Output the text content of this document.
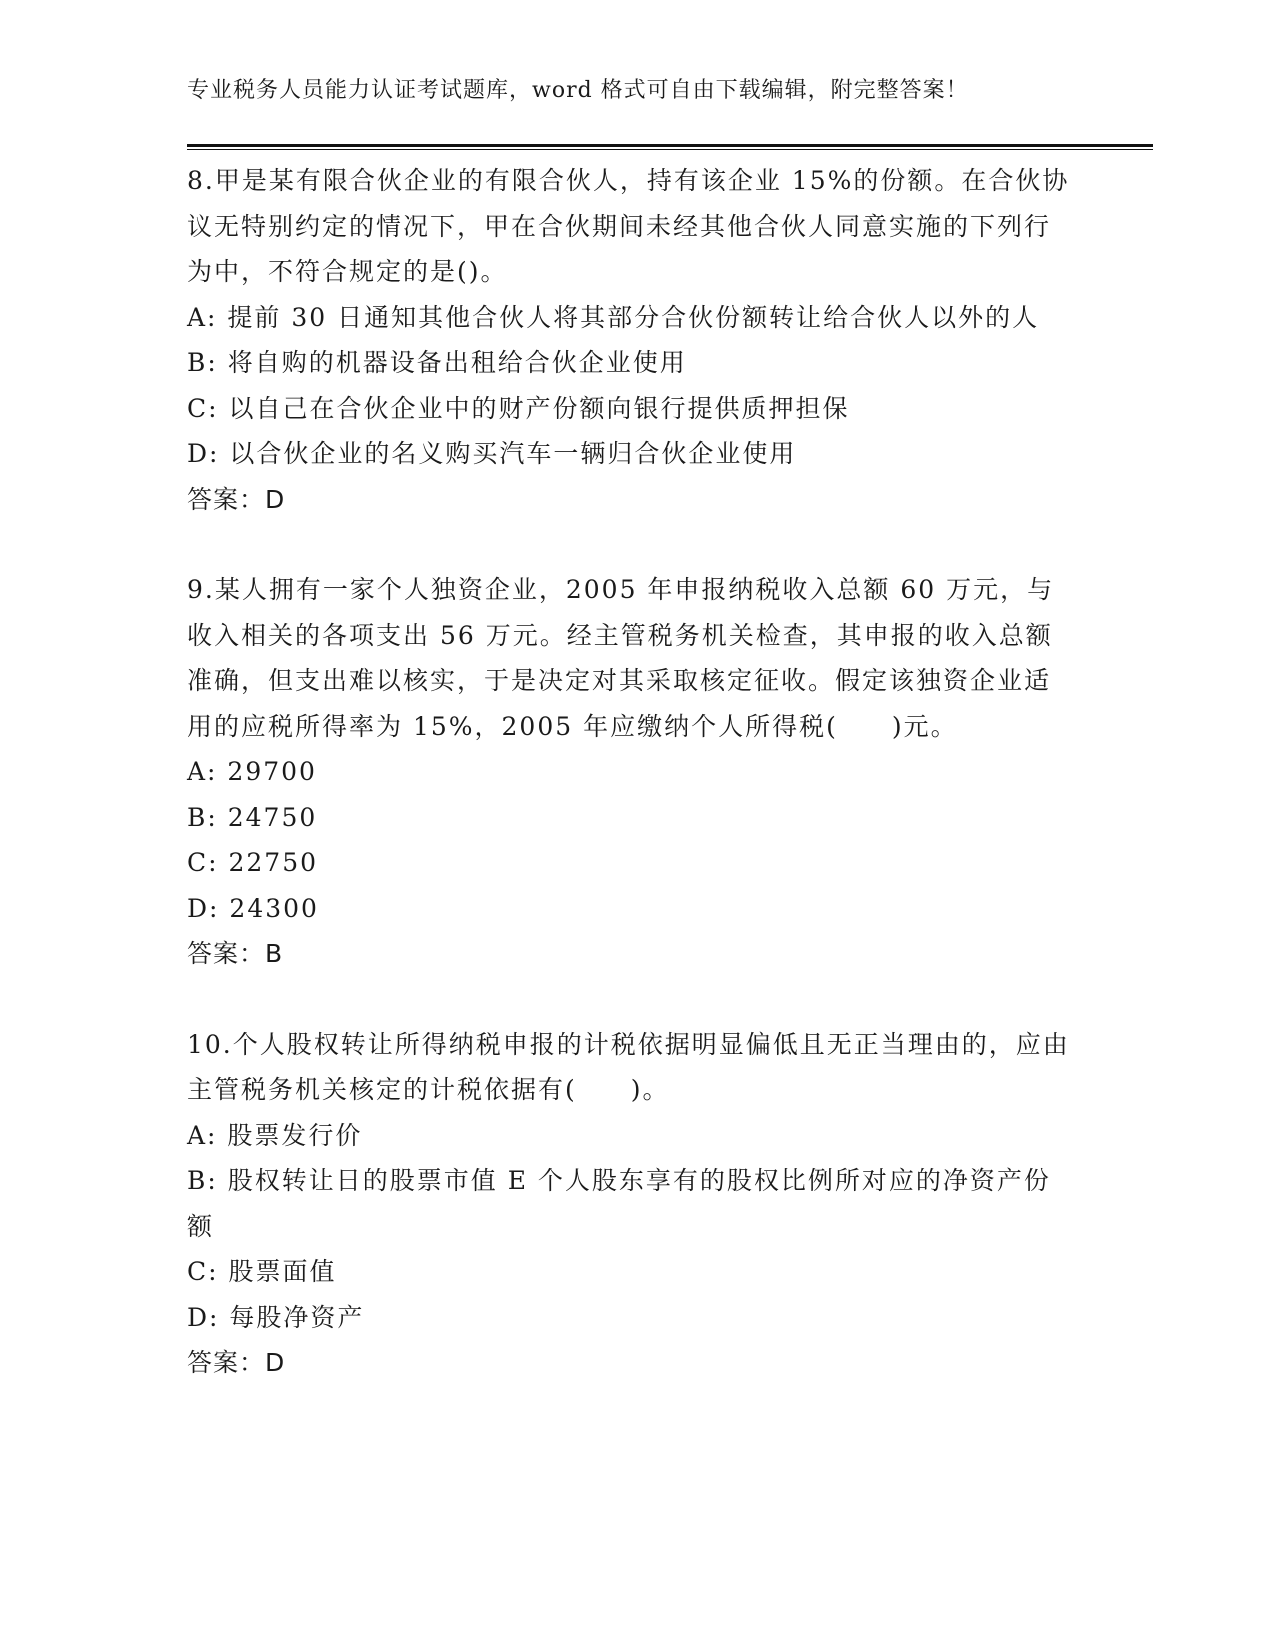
专业税务人员能力认证考试题库，word 格式可自由下载编辑，附完整答案！

8.甲是某有限合伙企业的有限合伙人，持有该企业 15%的份额。在合伙协议无特别约定的情况下，甲在合伙期间未经其他合伙人同意实施的下列行为中，不符合规定的是()。

A: 提前 30 日通知其他合伙人将其部分合伙份额转让给合伙人以外的人

B: 将自购的机器设备出租给合伙企业使用

C: 以自己在合伙企业中的财产份额向银行提供质押担保

D: 以合伙企业的名义购买汽车一辆归合伙企业使用

答案：D

9.某人拥有一家个人独资企业，2005 年申报纳税收入总额 60 万元，与收入相关的各项支出 56 万元。经主管税务机关检查，其申报的收入总额准确，但支出难以核实，于是决定对其采取核定征收。假定该独资企业适用的应税所得率为 15%，2005 年应缴纳个人所得税(　　)元。

A: 29700

B: 24750

C: 22750

D: 24300

答案：B

10.个人股权转让所得纳税申报的计税依据明显偏低且无正当理由的，应由主管税务机关核定的计税依据有(　　)。

A: 股票发行价

B: 股权转让日的股票市值 E 个人股东享有的股权比例所对应的净资产份额

C: 股票面值

D: 每股净资产

答案：D
